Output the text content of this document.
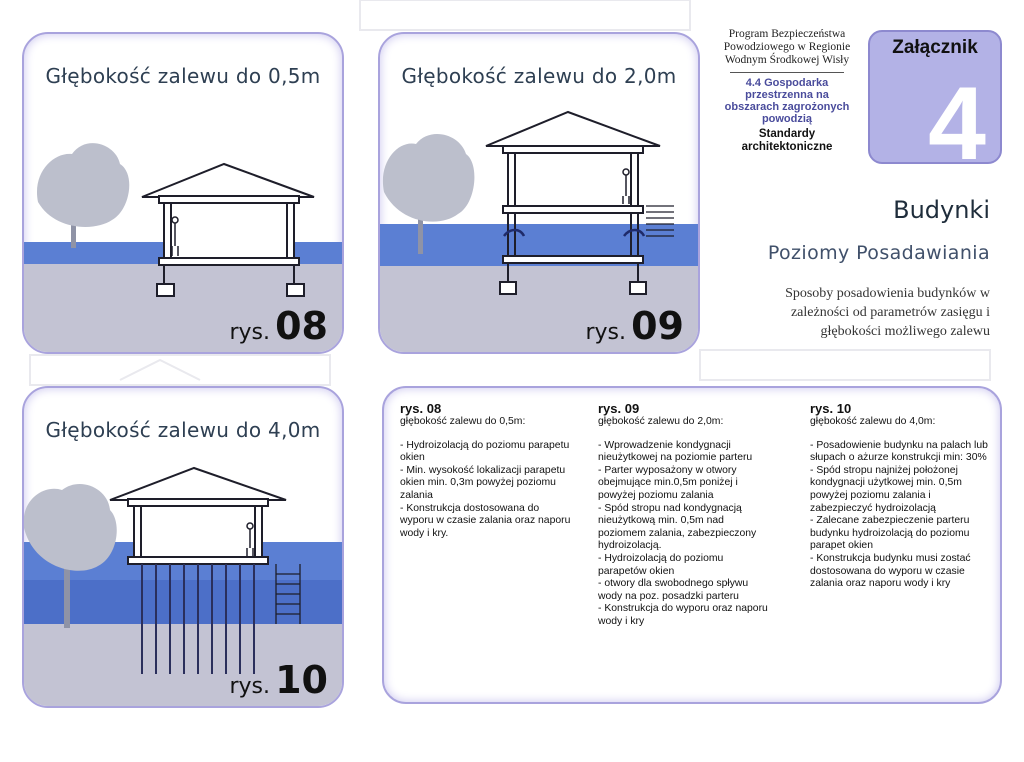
Głębokość zalewu do 0,5m
rys. 08
Głębokość zalewu do 2,0m
rys. 09
Głębokość zalewu do 4,0m
rys. 10
Program Bezpieczeństwa
Powodziowego w Regionie
Wodnym Środkowej Wisły
4.4 Gospodarka
przestrzenna na
obszarach zagrożonych
powodzią
Standardy
architektoniczne
Załącznik
4
Budynki
Poziomy Posadawiania
Sposoby posadowienia budynków w
zależności od parametrów zasięgu i
głębokości możliwego zalewu
rys. 08
głębokość zalewu do 0,5m:

- Hydroizolacją do poziomu parapetu okien

- Min. wysokość lokalizacji parapetu okien min. 0,3m powyżej poziomu zalania

- Konstrukcja dostosowana do wyporu w czasie zalania oraz naporu wody i kry.

rys. 09
głębokość zalewu do 2,0m:

- Wprowadzenie kondygnacji nieużytkowej na poziomie parteru

- Parter wyposażony w otwory obejmujące min.0,5m poniżej i powyżej poziomu zalania

- Spód stropu nad kondygnacją nieużytkową min. 0,5m nad poziomem zalania, zabezpieczony hydroizolacją.

- Hydroizolacją do poziomu parapetów okien

- otwory dla swobodnego spływu wody na poz. posadzki parteru

- Konstrukcja do wyporu oraz naporu wody i kry

rys. 10
głębokość zalewu do 4,0m:

- Posadowienie budynku na palach lub słupach o ażurze konstrukcji min: 30%

- Spód stropu najniżej położonej kondygnacji użytkowej min. 0,5m powyżej poziomu zalania i zabezpieczyć hydroizolacją

- Zalecane zabezpieczenie parteru budynku hydroizolacją do poziomu parapet okien

- Konstrukcja budynku musi zostać dostosowana do wyporu w czasie zalania oraz naporu wody i kry
